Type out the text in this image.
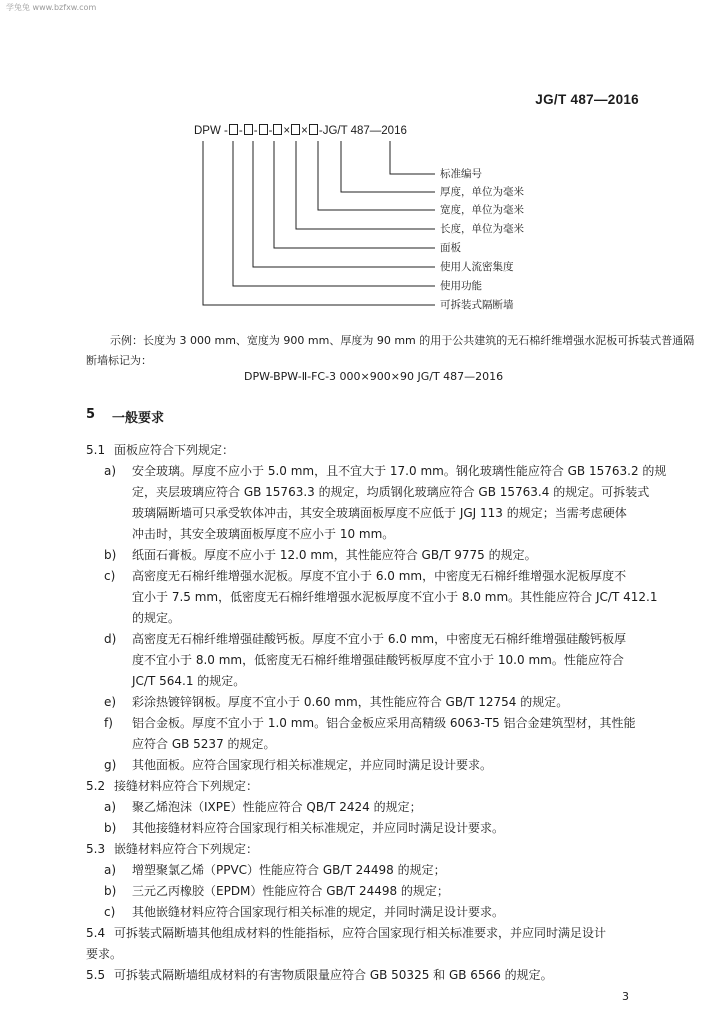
学兔兔 www.bzfxw.com
JG/T 487—2016
DPW - - - - × × -JG/T 487—2016
标准编号
厚度，单位为毫米
宽度，单位为毫米
长度，单位为毫米
面板
使用人流密集度
使用功能
可拆装式隔断墙
示例：长度为 3 000 mm、宽度为 900 mm、厚度为 90 mm 的用于公共建筑的无石棉纤维增强水泥板可拆装式普通隔
断墙标记为：
DPW-BPW-Ⅱ-FC-3 000×900×90 JG/T 487—2016
5 一般要求
5.1 面板应符合下列规定：
a) 安全玻璃。厚度不应小于 5.0 mm，且不宜大于 17.0 mm。钢化玻璃性能应符合 GB 15763.2 的规
定，夹层玻璃应符合 GB 15763.3 的规定，均质钢化玻璃应符合 GB 15763.4 的规定。可拆装式
玻璃隔断墙可只承受软体冲击，其安全玻璃面板厚度不应低于 JGJ 113 的规定；当需考虑硬体
冲击时，其安全玻璃面板厚度不应小于 10 mm。
b) 纸面石膏板。厚度不应小于 12.0 mm，其性能应符合 GB/T 9775 的规定。
c) 高密度无石棉纤维增强水泥板。厚度不宜小于 6.0 mm，中密度无石棉纤维增强水泥板厚度不
宜小于 7.5 mm，低密度无石棉纤维增强水泥板厚度不宜小于 8.0 mm。其性能应符合 JC/T 412.1
的规定。
d) 高密度无石棉纤维增强硅酸钙板。厚度不宜小于 6.0 mm，中密度无石棉纤维增强硅酸钙板厚
度不宜小于 8.0 mm，低密度无石棉纤维增强硅酸钙板厚度不宜小于 10.0 mm。性能应符合
JC/T 564.1 的规定。
e) 彩涂热镀锌钢板。厚度不宜小于 0.60 mm，其性能应符合 GB/T 12754 的规定。
f) 铝合金板。厚度不宜小于 1.0 mm。铝合金板应采用高精级 6063-T5 铝合金建筑型材，其性能
应符合 GB 5237 的规定。
g) 其他面板。应符合国家现行相关标准规定，并应同时满足设计要求。
5.2 接缝材料应符合下列规定：
a) 聚乙烯泡沫（IXPE）性能应符合 QB/T 2424 的规定；
b) 其他接缝材料应符合国家现行相关标准规定，并应同时满足设计要求。
5.3 嵌缝材料应符合下列规定：
a) 增塑聚氯乙烯（PPVC）性能应符合 GB/T 24498 的规定；
b) 三元乙丙橡胶（EPDM）性能应符合 GB/T 24498 的规定；
c) 其他嵌缝材料应符合国家现行相关标准的规定，并同时满足设计要求。
5.4 可拆装式隔断墙其他组成材料的性能指标，应符合国家现行相关标准要求，并应同时满足设计
要求。
5.5 可拆装式隔断墙组成材料的有害物质限量应符合 GB 50325 和 GB 6566 的规定。
3
